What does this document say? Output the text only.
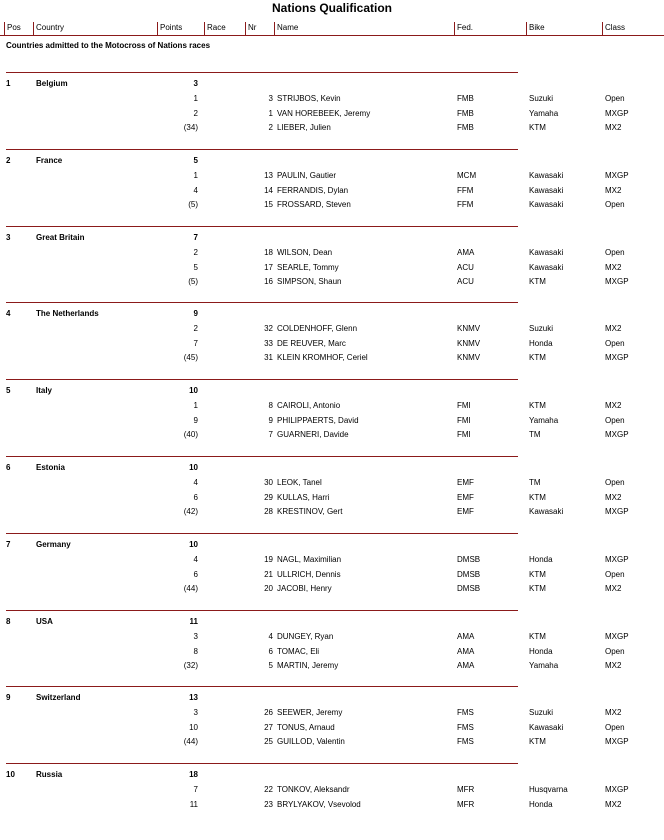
Nations Qualification
Pos	Country	Points	Race	Nr	Name	Fed.	Bike	Class
Countries admitted to the Motocross of Nations races
1	Belgium	3
1	3 STRIJBOS, Kevin	FMB	Suzuki	Open
2	1 VAN HOREBEEK, Jeremy	FMB	Yamaha	MXGP
(34)	2 LIEBER, Julien	FMB	KTM	MX2
2	France	5
1	13 PAULIN, Gautier	MCM	Kawasaki	MXGP
4	14 FERRANDIS, Dylan	FFM	Kawasaki	MX2
(5)	15 FROSSARD, Steven	FFM	Kawasaki	Open
3	Great Britain	7
2	18 WILSON, Dean	AMA	Kawasaki	Open
5	17 SEARLE, Tommy	ACU	Kawasaki	MX2
(5)	16 SIMPSON, Shaun	ACU	KTM	MXGP
4	The Netherlands	9
2	32 COLDENHOFF, Glenn	KNMV	Suzuki	MX2
7	33 DE REUVER, Marc	KNMV	Honda	Open
(45)	31 KLEIN KROMHOF, Ceriel	KNMV	KTM	MXGP
5	Italy	10
1	8 CAIROLI, Antonio	FMI	KTM	MX2
9	9 PHILIPPAERTS, David	FMI	Yamaha	Open
(40)	7 GUARNERI, Davide	FMI	TM	MXGP
6	Estonia	10
4	30 LEOK, Tanel	EMF	TM	Open
6	29 KULLAS, Harri	EMF	KTM	MX2
(42)	28 KRESTINOV, Gert	EMF	Kawasaki	MXGP
7	Germany	10
4	19 NAGL, Maximilian	DMSB	Honda	MXGP
6	21 ULLRICH, Dennis	DMSB	KTM	Open
(44)	20 JACOBI, Henry	DMSB	KTM	MX2
8	USA	11
3	4 DUNGEY, Ryan	AMA	KTM	MXGP
8	6 TOMAC, Eli	AMA	Honda	Open
(32)	5 MARTIN, Jeremy	AMA	Yamaha	MX2
9	Switzerland	13
3	26 SEEWER, Jeremy	FMS	Suzuki	MX2
10	27 TONUS, Arnaud	FMS	Kawasaki	Open
(44)	25 GUILLOD, Valentin	FMS	KTM	MXGP
10	Russia	18
7	22 TONKOV, Aleksandr	MFR	Husqvarna	MXGP
11	23 BRYLYAKOV, Vsevolod	MFR	Honda	MX2
